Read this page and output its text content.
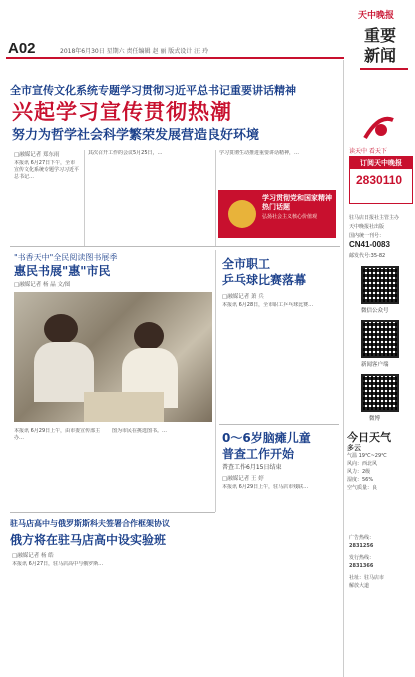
A02	2018年6月30日 星期六 责任编辑 赵 丽 版式设计 汪 玲
天中晚报
重要
新闻
全市宣传文化系统专题学习贯彻习近平总书记重要讲话精神
兴起学习宣传贯彻热潮
努力为哲学社会科学繁荣发展营造良好环境
□融媒记者 郑东雨
本报讯 6月27日下午，全市宣传文化系统专题学习习近平总书记…
其次召开工作的会议5月25日，…	学习贯彻生动推进重要讲话精神，…
学习贯彻党和国家精神热门话题
弘扬社会主义核心价值观
"书香天中"全民阅读图书展季
惠民书展"惠"市民
□融媒记者 杨 晶 文/图
本报讯 6月29日上午，由市委宣传部主办…
图为市民在挑选图书。…
全市职工
乒乓球比赛落幕
□融媒记者 萧 兵
本报讯 6月28日，全市职工乒乓球比赛…
0～6岁脑瘫儿童
普查工作开始
普查工作6月15日结束
□融媒记者 王 婷
本报讯 6月29日上午，驻马店市残联…
驻马店高中与俄罗斯斯科夫签署合作框架协议
俄方将在驻马店高中设实验班
□融媒记者 杨 皓
本报讯 6月27日，驻马店高中与俄罗斯…
读天中 看天下
订阅天中晚报
2830110
驻马店日报社主管主办
天中晚报社出版
国内统一刊号：
CN41-0083
邮发代号:35-82
微信公众号
新闻客户端
微博
今日天气
多云
气温 19℃~29℃
风向：西北风
风力：2级
湿度：56%
空气质量：良
广告热线：
2831256
发行热线：
2831366
社址：驻马店市
解放大道
